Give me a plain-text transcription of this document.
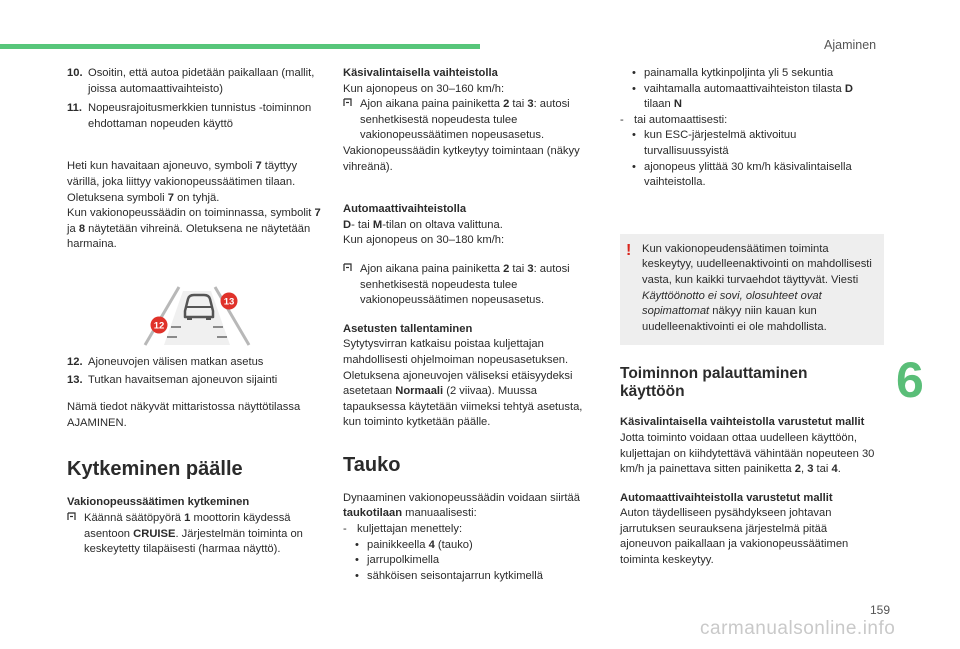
Ajaminen
10. Osoitin, että autoa pidetään paikallaan (mallit, joissa automaattivaihteisto)
11. Nopeusrajoitusmerkkien tunnistus -toiminnon ehdottaman nopeuden käyttö

Heti kun havaitaan ajoneuvo, symboli 7 täyttyy värillä, joka liittyy vakionopeussäätimen tilaan. Oletuksena symboli 7 on tyhjä.

Kun vakionopeussäädin on toiminnassa, symbolit 7 ja 8 näytetään vihreinä. Oletuksena ne näytetään harmaina.

13
12
12. Ajoneuvojen välisen matkan asetus
13. Tutkan havaitseman ajoneuvon sijainti

Nämä tiedot näkyvät mittaristossa näyttötilassa AJAMINEN.

Kytkeminen päälle

Vakionopeussäätimen kytkeminen

Käännä säätöpyörä 1 moottorin käydessä asentoon CRUISE. Järjestelmän toiminta on keskeytetty tilapäisesti (harmaa näyttö).

Käsivalintaisella vaihteistolla

Kun ajonopeus on 30–160 km/h:

Ajon aikana paina painiketta 2 tai 3: autosi senhetkisestä nopeudesta tulee vakionopeussäätimen nopeusasetus.

Vakionopeussäädin kytkeytyy toimintaan (näkyy vihreänä).

Automaattivaihteistolla

D- tai M-tilan on oltava valittuna.

Kun ajonopeus on 30–180 km/h:

Ajon aikana paina painiketta 2 tai 3: autosi senhetkisestä nopeudesta tulee vakionopeussäätimen nopeusasetus.

Asetusten tallentaminen

Sytytysvirran katkaisu poistaa kuljettajan mahdollisesti ohjelmoiman nopeusasetuksen. Oletuksena ajoneuvojen väliseksi etäisyydeksi asetetaan Normaali (2 viivaa). Muussa tapauksessa käytetään viimeksi tehtyä asetusta, kun toiminto kytketään päälle.

Tauko

Dynaaminen vakionopeussäädin voidaan siirtää taukotilaan manuaalisesti:

- kuljettajan menettely:
• painikkeella 4 (tauko)
• jarrupolkimella
• sähköisen seisontajarrun kytkimellä
• painamalla kytkinpoljinta yli 5 sekuntia
• vaihtamalla automaattivaihteiston tilasta D tilaan N
- tai automaattisesti:
• kun ESC-järjestelmä aktivoituu turvallisuussyistä
• ajonopeus ylittää 30 km/h käsivalintaisella vaihteistolla.
! Kun vakionopeudensäätimen toiminta keskeytyy, uudelleenaktivointi on mahdollisesti vasta, kun kaikki turvaehdot täyttyvät. Viesti Käyttöönotto ei sovi, olosuhteet ovat sopimattomat näkyy niin kauan kun uudelleenaktivointi ei ole mahdollista.

Toiminnon palauttaminen käyttöön

Käsivalintaisella vaihteistolla varustetut mallit

Jotta toiminto voidaan ottaa uudelleen käyttöön, kuljettajan on kiihdytettävä vähintään nopeuteen 30 km/h ja painettava sitten painiketta 2, 3 tai 4.

Automaattivaihteistolla varustetut mallit

Auton täydelliseen pysähdykseen johtavan jarrutuksen seurauksena järjestelmä pitää ajoneuvon paikallaan ja vakionopeussäätimen toiminta keskeytyy.

6
159
carmanualsonline.info
